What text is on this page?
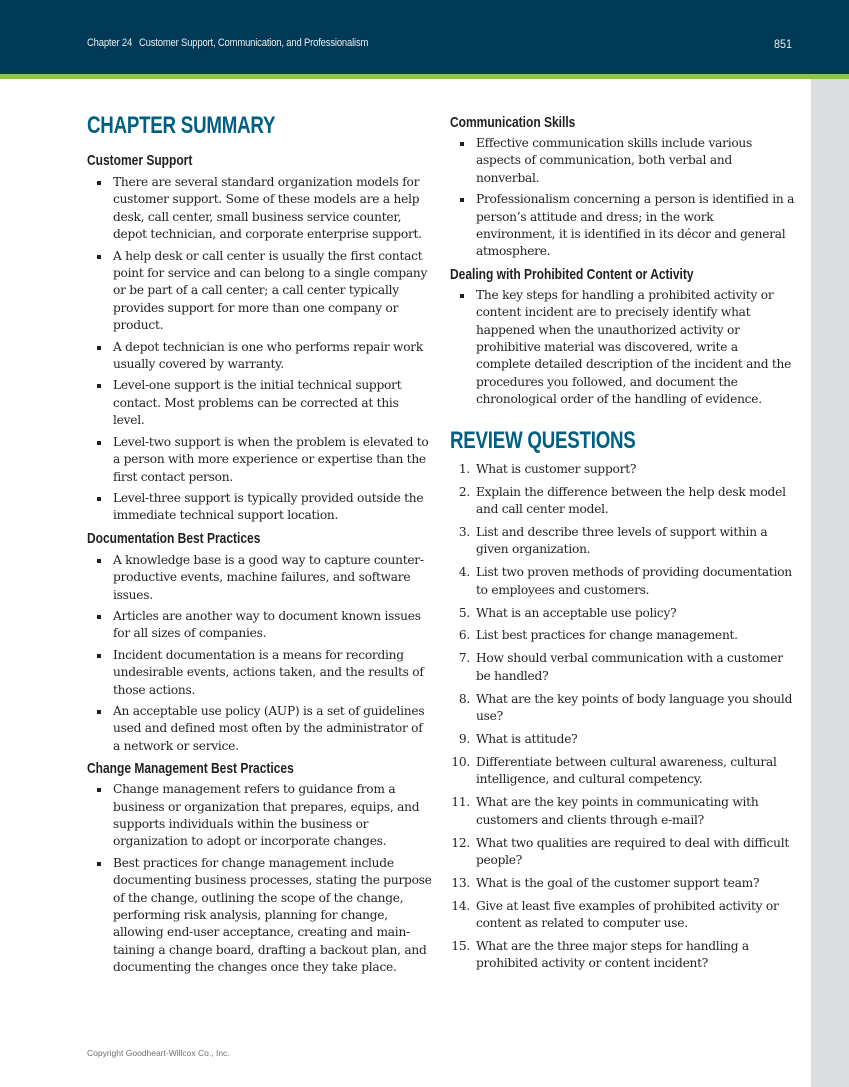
Chapter 24 Customer Support, Communication, and Professionalism	851
CHAPTER SUMMARY
Customer Support
There are several standard organization models for customer support. Some of these models are a help desk, call center, small business service counter, depot technician, and corporate enterprise support.
A help desk or call center is usually the first contact point for service and can belong to a single company or be part of a call center; a call center typically provides support for more than one company or product.
A depot technician is one who performs repair work usually covered by warranty.
Level-one support is the initial technical support contact. Most problems can be corrected at this level.
Level-two support is when the problem is elevated to a person with more experience or expertise than the first contact person.
Level-three support is typically provided outside the immediate technical support location.
Documentation Best Practices
A knowledge base is a good way to capture counter-productive events, machine failures, and software issues.
Articles are another way to document known issues for all sizes of companies.
Incident documentation is a means for recording undesirable events, actions taken, and the results of those actions.
An acceptable use policy (AUP) is a set of guidelines used and defined most often by the administrator of a network or service.
Change Management Best Practices
Change management refers to guidance from a business or organization that prepares, equips, and supports individuals within the business or organization to adopt or incorporate changes.
Best practices for change management include documenting business processes, stating the purpose of the change, outlining the scope of the change, performing risk analysis, planning for change, allowing end-user acceptance, creating and main-taining a change board, drafting a backout plan, and documenting the changes once they take place.
Communication Skills
Effective communication skills include various aspects of communication, both verbal and nonverbal.
Professionalism concerning a person is identified in a person’s attitude and dress; in the work environment, it is identified in its décor and general atmosphere.
Dealing with Prohibited Content or Activity
The key steps for handling a prohibited activity or content incident are to precisely identify what happened when the unauthorized activity or prohibitive material was discovered, write a complete detailed description of the incident and the procedures you followed, and document the chronological order of the handling of evidence.
REVIEW QUESTIONS
1. What is customer support?
2. Explain the difference between the help desk model and call center model.
3. List and describe three levels of support within a given organization.
4. List two proven methods of providing documentation to employees and customers.
5. What is an acceptable use policy?
6. List best practices for change management.
7. How should verbal communication with a customer be handled?
8. What are the key points of body language you should use?
9. What is attitude?
10. Differentiate between cultural awareness, cultural intelligence, and cultural competency.
11. What are the key points in communicating with customers and clients through e-mail?
12. What two qualities are required to deal with difficult people?
13. What is the goal of the customer support team?
14. Give at least five examples of prohibited activity or content as related to computer use.
15. What are the three major steps for handling a prohibited activity or content incident?
Copyright Goodheart-Willcox Co., Inc.
